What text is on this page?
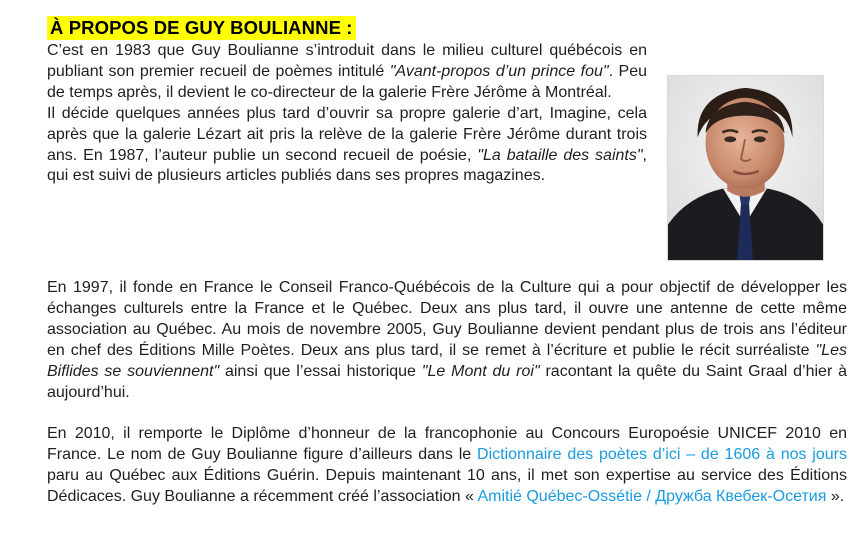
À PROPOS DE GUY BOULIANNE :
C’est en 1983 que Guy Boulianne s’introduit dans le milieu culturel québécois en publiant son premier recueil de poèmes intitulé "Avant-propos d’un prince fou". Peu de temps après, il devient le co-directeur de la galerie Frère Jérôme à Montréal.
Il décide quelques années plus tard d’ouvrir sa propre galerie d’art, Imagine, cela après que la galerie Lézart ait pris la relève de la galerie Frère Jérôme durant trois ans. En 1987, l’auteur publie un second recueil de poésie, "La bataille des saints", qui est suivi de plusieurs articles publiés dans ses propres magazines.

En 1997, il fonde en France le Conseil Franco-Québécois de la Culture qui a pour objectif de développer les échanges culturels entre la France et le Québec. Deux ans plus tard, il ouvre une antenne de cette même association au Québec. Au mois de novembre 2005, Guy Boulianne devient pendant plus de trois ans l’éditeur en chef des Éditions Mille Poètes. Deux ans plus tard, il se remet à l’écriture et publie le récit surréaliste "Les Biflides se souviennent" ainsi que l’essai historique "Le Mont du roi" racontant la quête du Saint Graal d’hier à aujourd’hui.

En 2010, il remporte le Diplôme d’honneur de la francophonie au Concours Europoésie UNICEF 2010 en France. Le nom de Guy Boulianne figure d’ailleurs dans le Dictionnaire des poètes d’ici – de 1606 à nos jours paru au Québec aux Éditions Guérin. Depuis maintenant 10 ans, il met son expertise au service des Éditions Dédicaces. Guy Boulianne a récemment créé l’association « Amitié Québec-Ossétie / Дружба Квебек-Осетия ».
